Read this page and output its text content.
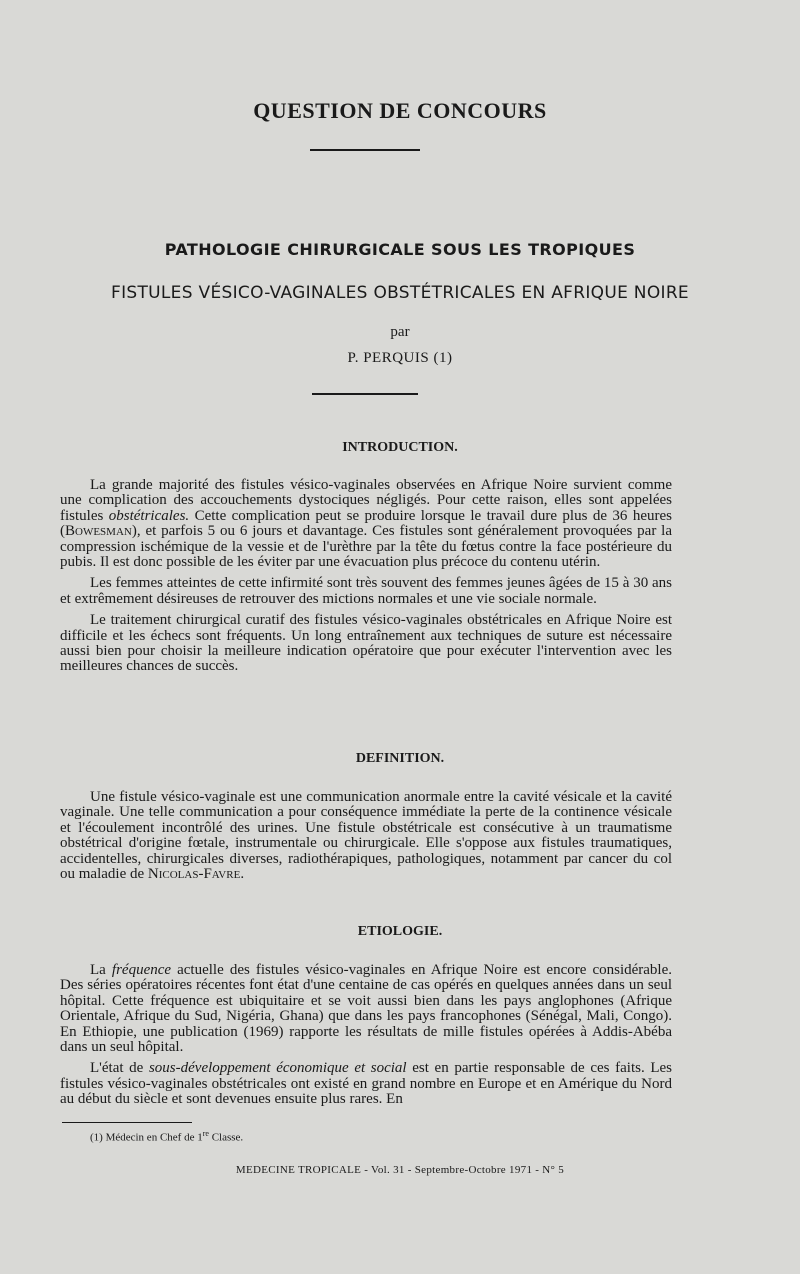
QUESTION DE CONCOURS
PATHOLOGIE CHIRURGICALE SOUS LES TROPIQUES
FISTULES VÉSICO-VAGINALES OBSTÉTRICALES EN AFRIQUE NOIRE
par
P. PERQUIS (1)
INTRODUCTION.

La grande majorité des fistules vésico-vaginales observées en Afrique Noire survient comme une complication des accouchements dystociques négligés. Pour cette raison, elles sont appelées fistules obstétricales. Cette complication peut se produire lorsque le travail dure plus de 36 heures (Bowesman), et parfois 5 ou 6 jours et davantage. Ces fistules sont généralement provoquées par la compression ischémique de la vessie et de l'urèthre par la tête du fœtus contre la face postérieure du pubis. Il est donc possible de les éviter par une évacuation plus précoce du contenu utérin.

Les femmes atteintes de cette infirmité sont très souvent des femmes jeunes âgées de 15 à 30 ans et extrêmement désireuses de retrouver des mictions normales et une vie sociale normale.

Le traitement chirurgical curatif des fistules vésico-vaginales obstétricales en Afrique Noire est difficile et les échecs sont fréquents. Un long entraînement aux techniques de suture est nécessaire aussi bien pour choisir la meilleure indication opératoire que pour exécuter l'intervention avec les meilleures chances de succès.

DEFINITION.

Une fistule vésico-vaginale est une communication anormale entre la cavité vésicale et la cavité vaginale. Une telle communication a pour conséquence immédiate la perte de la continence vésicale et l'écoulement incontrôlé des urines. Une fistule obstétricale est consécutive à un traumatisme obstétrical d'origine fœtale, instrumentale ou chirurgicale. Elle s'oppose aux fistules traumatiques, accidentelles, chirurgicales diverses, radiothérapiques, pathologiques, notamment par cancer du col ou maladie de Nicolas-Favre.

ETIOLOGIE.

La fréquence actuelle des fistules vésico-vaginales en Afrique Noire est encore considérable. Des séries opératoires récentes font état d'une centaine de cas opérés en quelques années dans un seul hôpital. Cette fréquence est ubiquitaire et se voit aussi bien dans les pays anglophones (Afrique Orientale, Afrique du Sud, Nigéria, Ghana) que dans les pays francophones (Sénégal, Mali, Congo). En Ethiopie, une publication (1969) rapporte les résultats de mille fistules opérées à Addis-Abéba dans un seul hôpital.

L'état de sous-développement économique et social est en partie responsable de ces faits. Les fistules vésico-vaginales obstétricales ont existé en grand nombre en Europe et en Amérique du Nord au début du siècle et sont devenues ensuite plus rares. En

(1) Médecin en Chef de 1re Classe.
MEDECINE TROPICALE - Vol. 31 - Septembre-Octobre 1971 - N° 5
